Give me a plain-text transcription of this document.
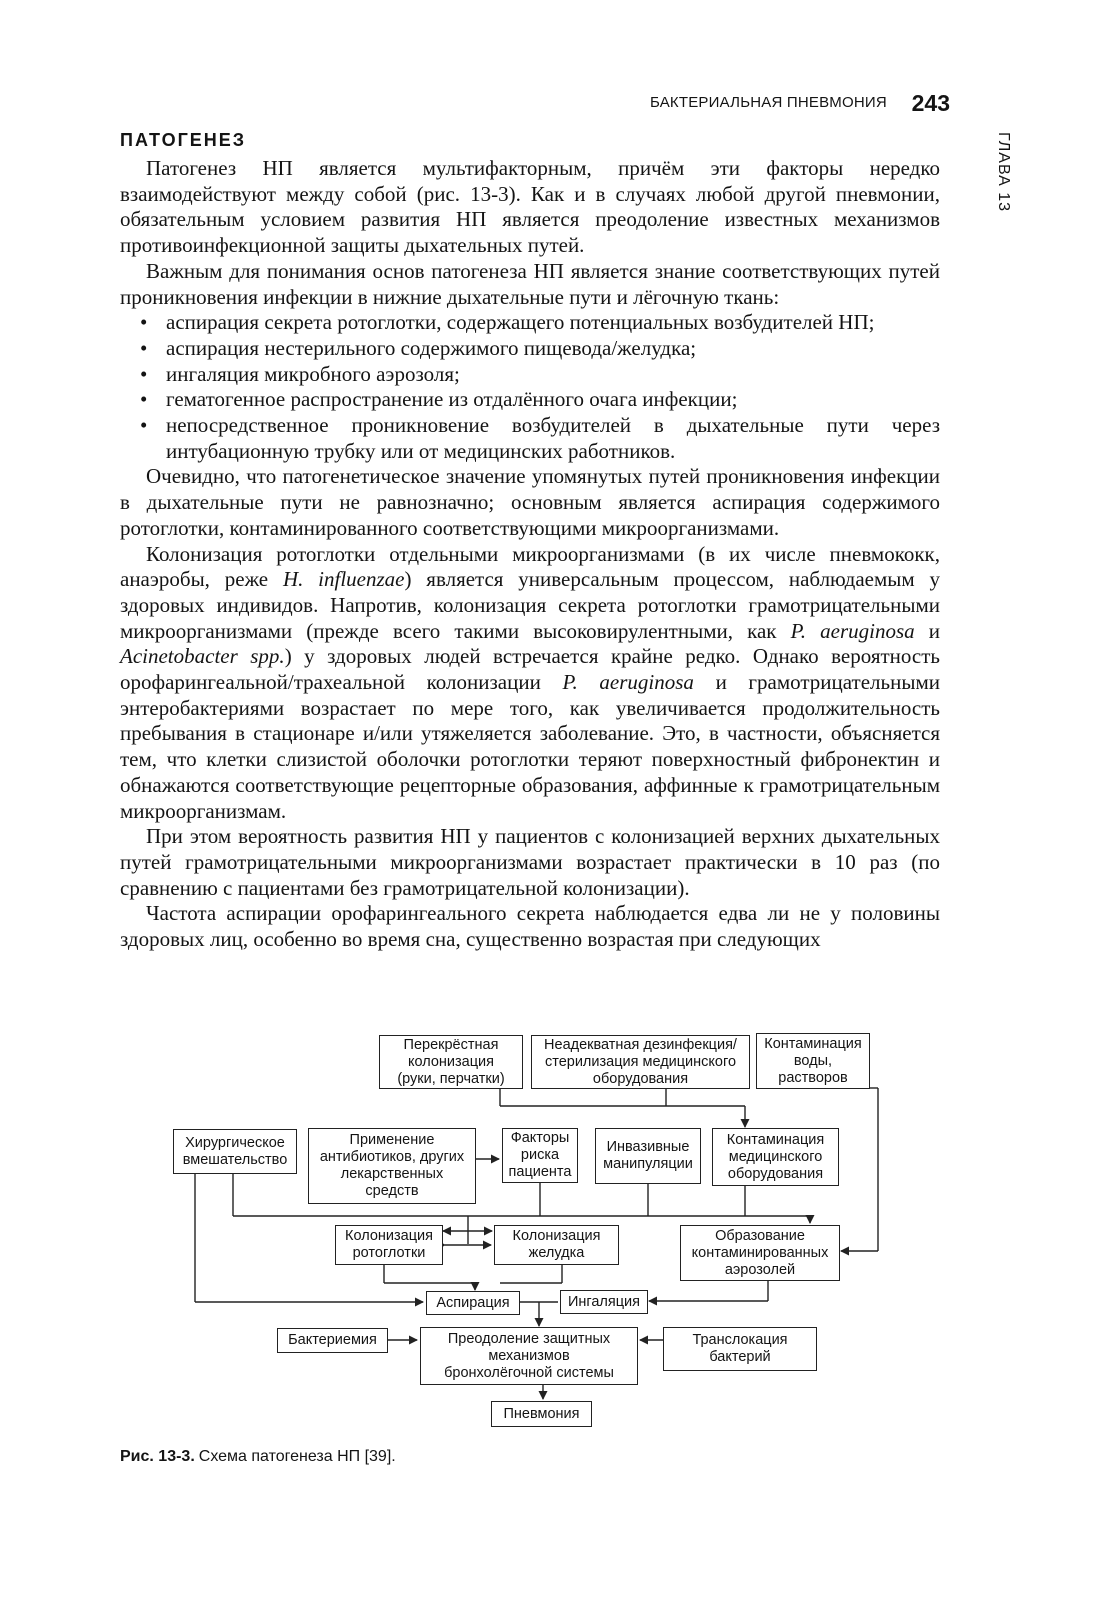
БАКТЕРИАЛЬНАЯ ПНЕВМОНИЯ 243
ГЛАВА 13
ПАТОГЕНЕЗ

Патогенез НП является мультифакторным, причём эти факторы нередко взаимодействуют между собой (рис. 13-3). Как и в случаях любой другой пневмонии, обязательным условием развития НП является преодоление известных механизмов противоинфекционной защиты дыхательных путей.

Важным для понимания основ патогенеза НП является знание соответствующих путей проникновения инфекции в нижние дыхательные пути и лёгочную ткань:

• аспирация секрета ротоглотки, содержащего потенциальных возбудителей НП;
• аспирация нестерильного содержимого пищевода/желудка;
• ингаляция микробного аэрозоля;
• гематогенное распространение из отдалённого очага инфекции;
• непосредственное проникновение возбудителей в дыхательные пути через интубационную трубку или от медицинских работников.

Очевидно, что патогенетическое значение упомянутых путей проникновения инфекции в дыхательные пути не равнозначно; основным является аспирация содержимого ротоглотки, контаминированного соответствующими микроорганизмами.

Колонизация ротоглотки отдельными микроорганизмами (в их числе пневмококк, анаэробы, реже H. influenzae) является универсальным процессом, наблюдаемым у здоровых индивидов. Напротив, колонизация секрета ротоглотки грамотрицательными микроорганизмами (прежде всего такими высоковирулентными, как P. aeruginosa и Acinetobacter spp.) у здоровых людей встречается крайне редко. Однако вероятность орофарингеальной/трахеальной колонизации P. aeruginosa и грамотрицательными энтеробактериями возрастает по мере того, как увеличивается продолжительность пребывания в стационаре и/или утяжеляется заболевание. Это, в частности, объясняется тем, что клетки слизистой оболочки ротоглотки теряют поверхностный фибронектин и обнажаются соответствующие рецепторные образования, аффинные к грамотрицательным микроорганизмам.

При этом вероятность развития НП у пациентов с колонизацией верхних дыхательных путей грамотрицательными микроорганизмами возрастает практически в 10 раз (по сравнению с пациентами без грамотрицательной колонизации).

Частота аспирации орофарингеального секрета наблюдается едва ли не у половины здоровых лиц, особенно во время сна, существенно возрастая при следующих

Перекрёстная
колонизация
(руки, перчатки)
Неадекватная дезинфекция/
стерилизация медицинского
оборудования
Контаминация
воды,
растворов
Хирургическое
вмешательство
Применение
антибиотиков, других
лекарственных
средств
Факторы
риска
пациента
Инвазивные
манипуляции
Контаминация
медицинского
оборудования
Колонизация
ротоглотки
Колонизация
желудка
Образование
контаминированных
аэрозолей
Аспирация	Ингаляция
Бактериемия	Преодоление защитных
механизмов
бронхолёгочной системы
Транслокация
бактерий
Пневмония
Рис. 13-3. Схема патогенеза НП [39].
